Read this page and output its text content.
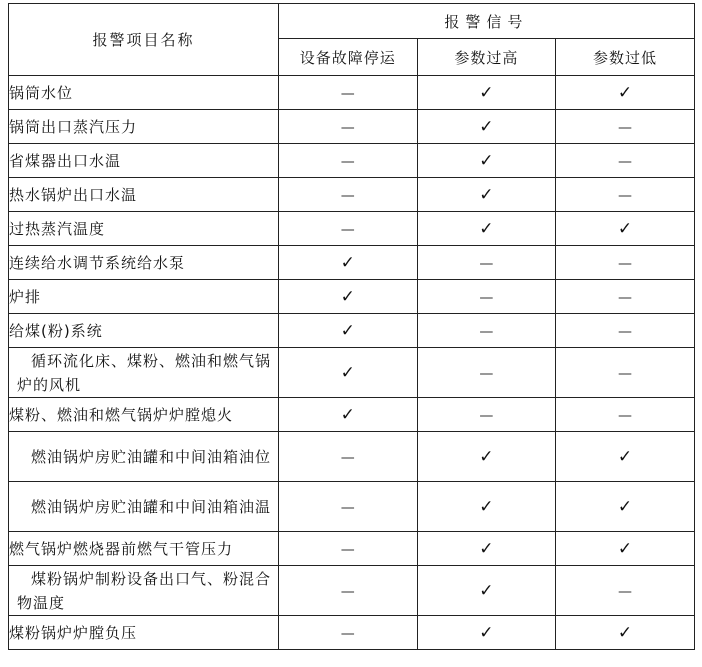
报警项目名称	报警信号		
	设备故障停运	参数过高	参数过低
锅筒水位	—	✓	✓
锅筒出口蒸汽压力	—	✓	—
省煤器出口水温	—	✓	—
热水锅炉出口水温	—	✓	—
过热蒸汽温度	—	✓	✓
连续给水调节系统给水泵	✓	—	—
炉排	✓	—	—
给煤(粉)系统	✓	—	—
循环流化床、煤粉、燃油和燃气锅炉的风机	✓	—	—
煤粉、燃油和燃气锅炉炉膛熄火	✓	—	—
燃油锅炉房贮油罐和中间油箱油位	—	✓	✓
燃油锅炉房贮油罐和中间油箱油温	—	✓	✓
燃气锅炉燃烧器前燃气干管压力	—	✓	✓
煤粉锅炉制粉设备出口气、粉混合物温度	—	✓	—
煤粉锅炉炉膛负压	—	✓	✓
